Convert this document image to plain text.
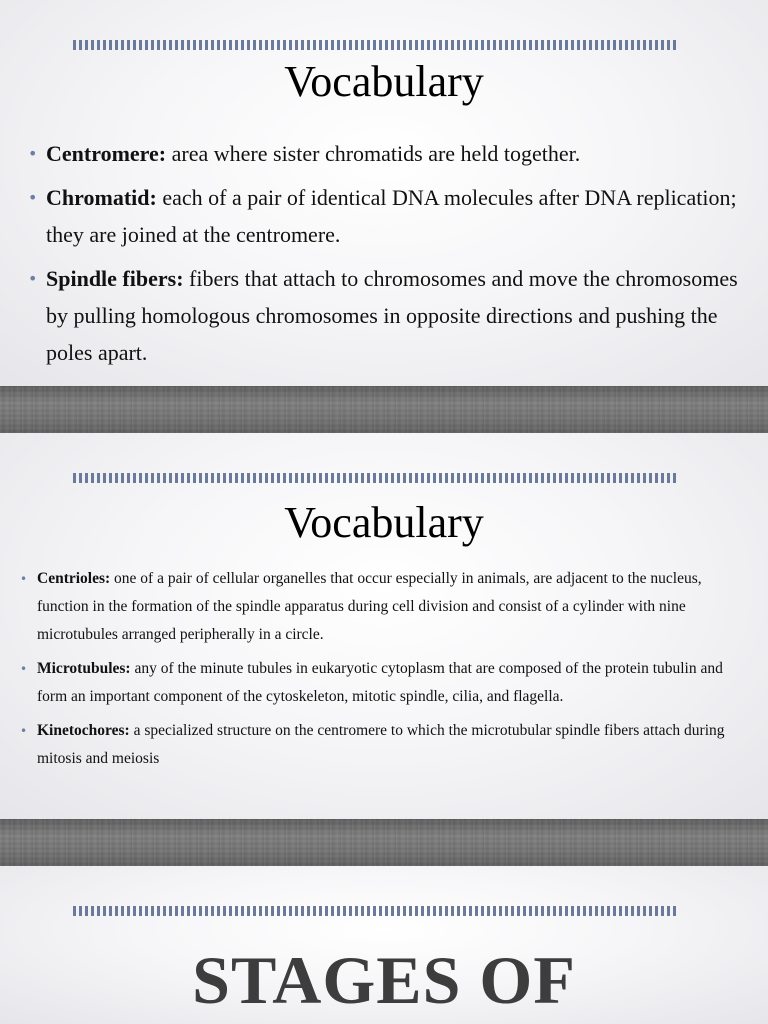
Vocabulary
• Centromere: area where sister chromatids are held together.
• Chromatid: each of a pair of identical DNA molecules after DNA replication; they are joined at the centromere.
• Spindle fibers: fibers that attach to chromosomes and move the chromosomes by pulling homologous chromosomes in opposite directions and pushing the poles apart.
Vocabulary
• Centrioles: one of a pair of cellular organelles that occur especially in animals, are adjacent to the nucleus, function in the formation of the spindle apparatus during cell division and consist of a cylinder with nine microtubules arranged peripherally in a circle.
• Microtubules: any of the minute tubules in eukaryotic cytoplasm that are composed of the protein tubulin and form an important component of the cytoskeleton, mitotic spindle, cilia, and flagella.
• Kinetochores: a specialized structure on the centromere to which the microtubular spindle fibers attach during mitosis and meiosis
STAGES OF
